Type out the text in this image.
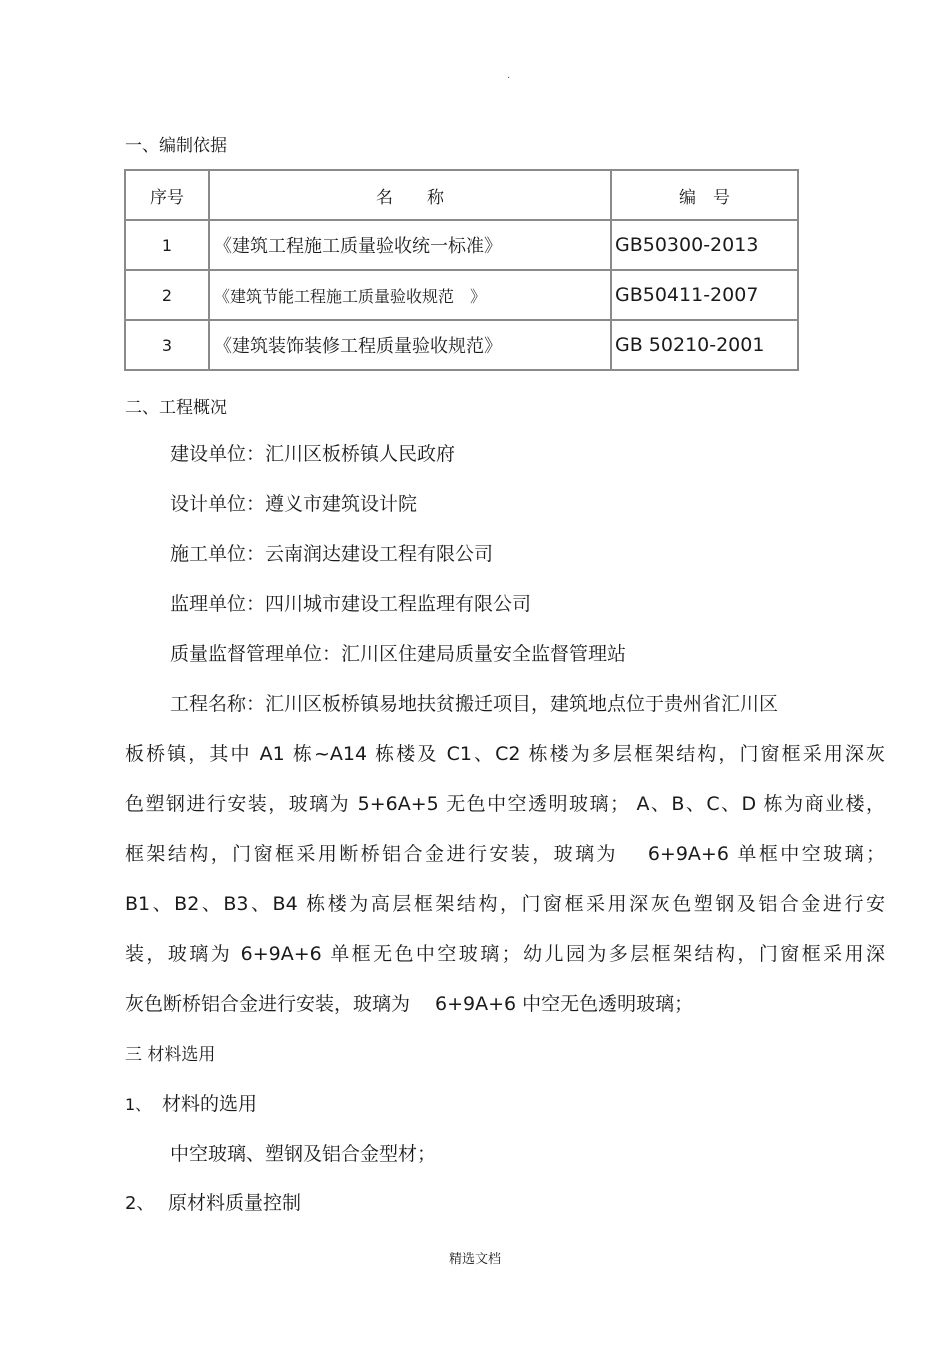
.
一、编制依据
序号	名　　称	编　号
1	《建筑工程施工质量验收统一标准》	GB50300-2013
2	《建筑节能工程施工质量验收规范　》	GB50411-2007
3	《建筑装饰装修工程质量验收规范》	GB 50210-2001
二、工程概况
建设单位：汇川区板桥镇人民政府
设计单位：遵义市建筑设计院
施工单位：云南润达建设工程有限公司
监理单位：四川城市建设工程监理有限公司
质量监督管理单位：汇川区住建局质量安全监督管理站
工程名称：汇川区板桥镇易地扶贫搬迁项目，建筑地点位于贵州省汇川区
板桥镇，其中 A1 栋~A14 栋楼及 C1、C2 栋楼为多层框架结构，门窗框采用深灰
色塑钢进行安装，玻璃为 5+6A+5 无色中空透明玻璃； A、B、C、D 栋为商业楼，
框架结构，门窗框采用断桥铝合金进行安装，玻璃为　 6+9A+6 单框中空玻璃；
B1、B2、B3、B4 栋楼为高层框架结构，门窗框采用深灰色塑钢及铝合金进行安
装，玻璃为 6+9A+6 单框无色中空玻璃；幼儿园为多层框架结构，门窗框采用深
灰色断桥铝合金进行安装，玻璃为　 6+9A+6 中空无色透明玻璃；
三 材料选用
1、 材料的选用
中空玻璃、塑钢及铝合金型材；
2、 原材料质量控制
精选文档
